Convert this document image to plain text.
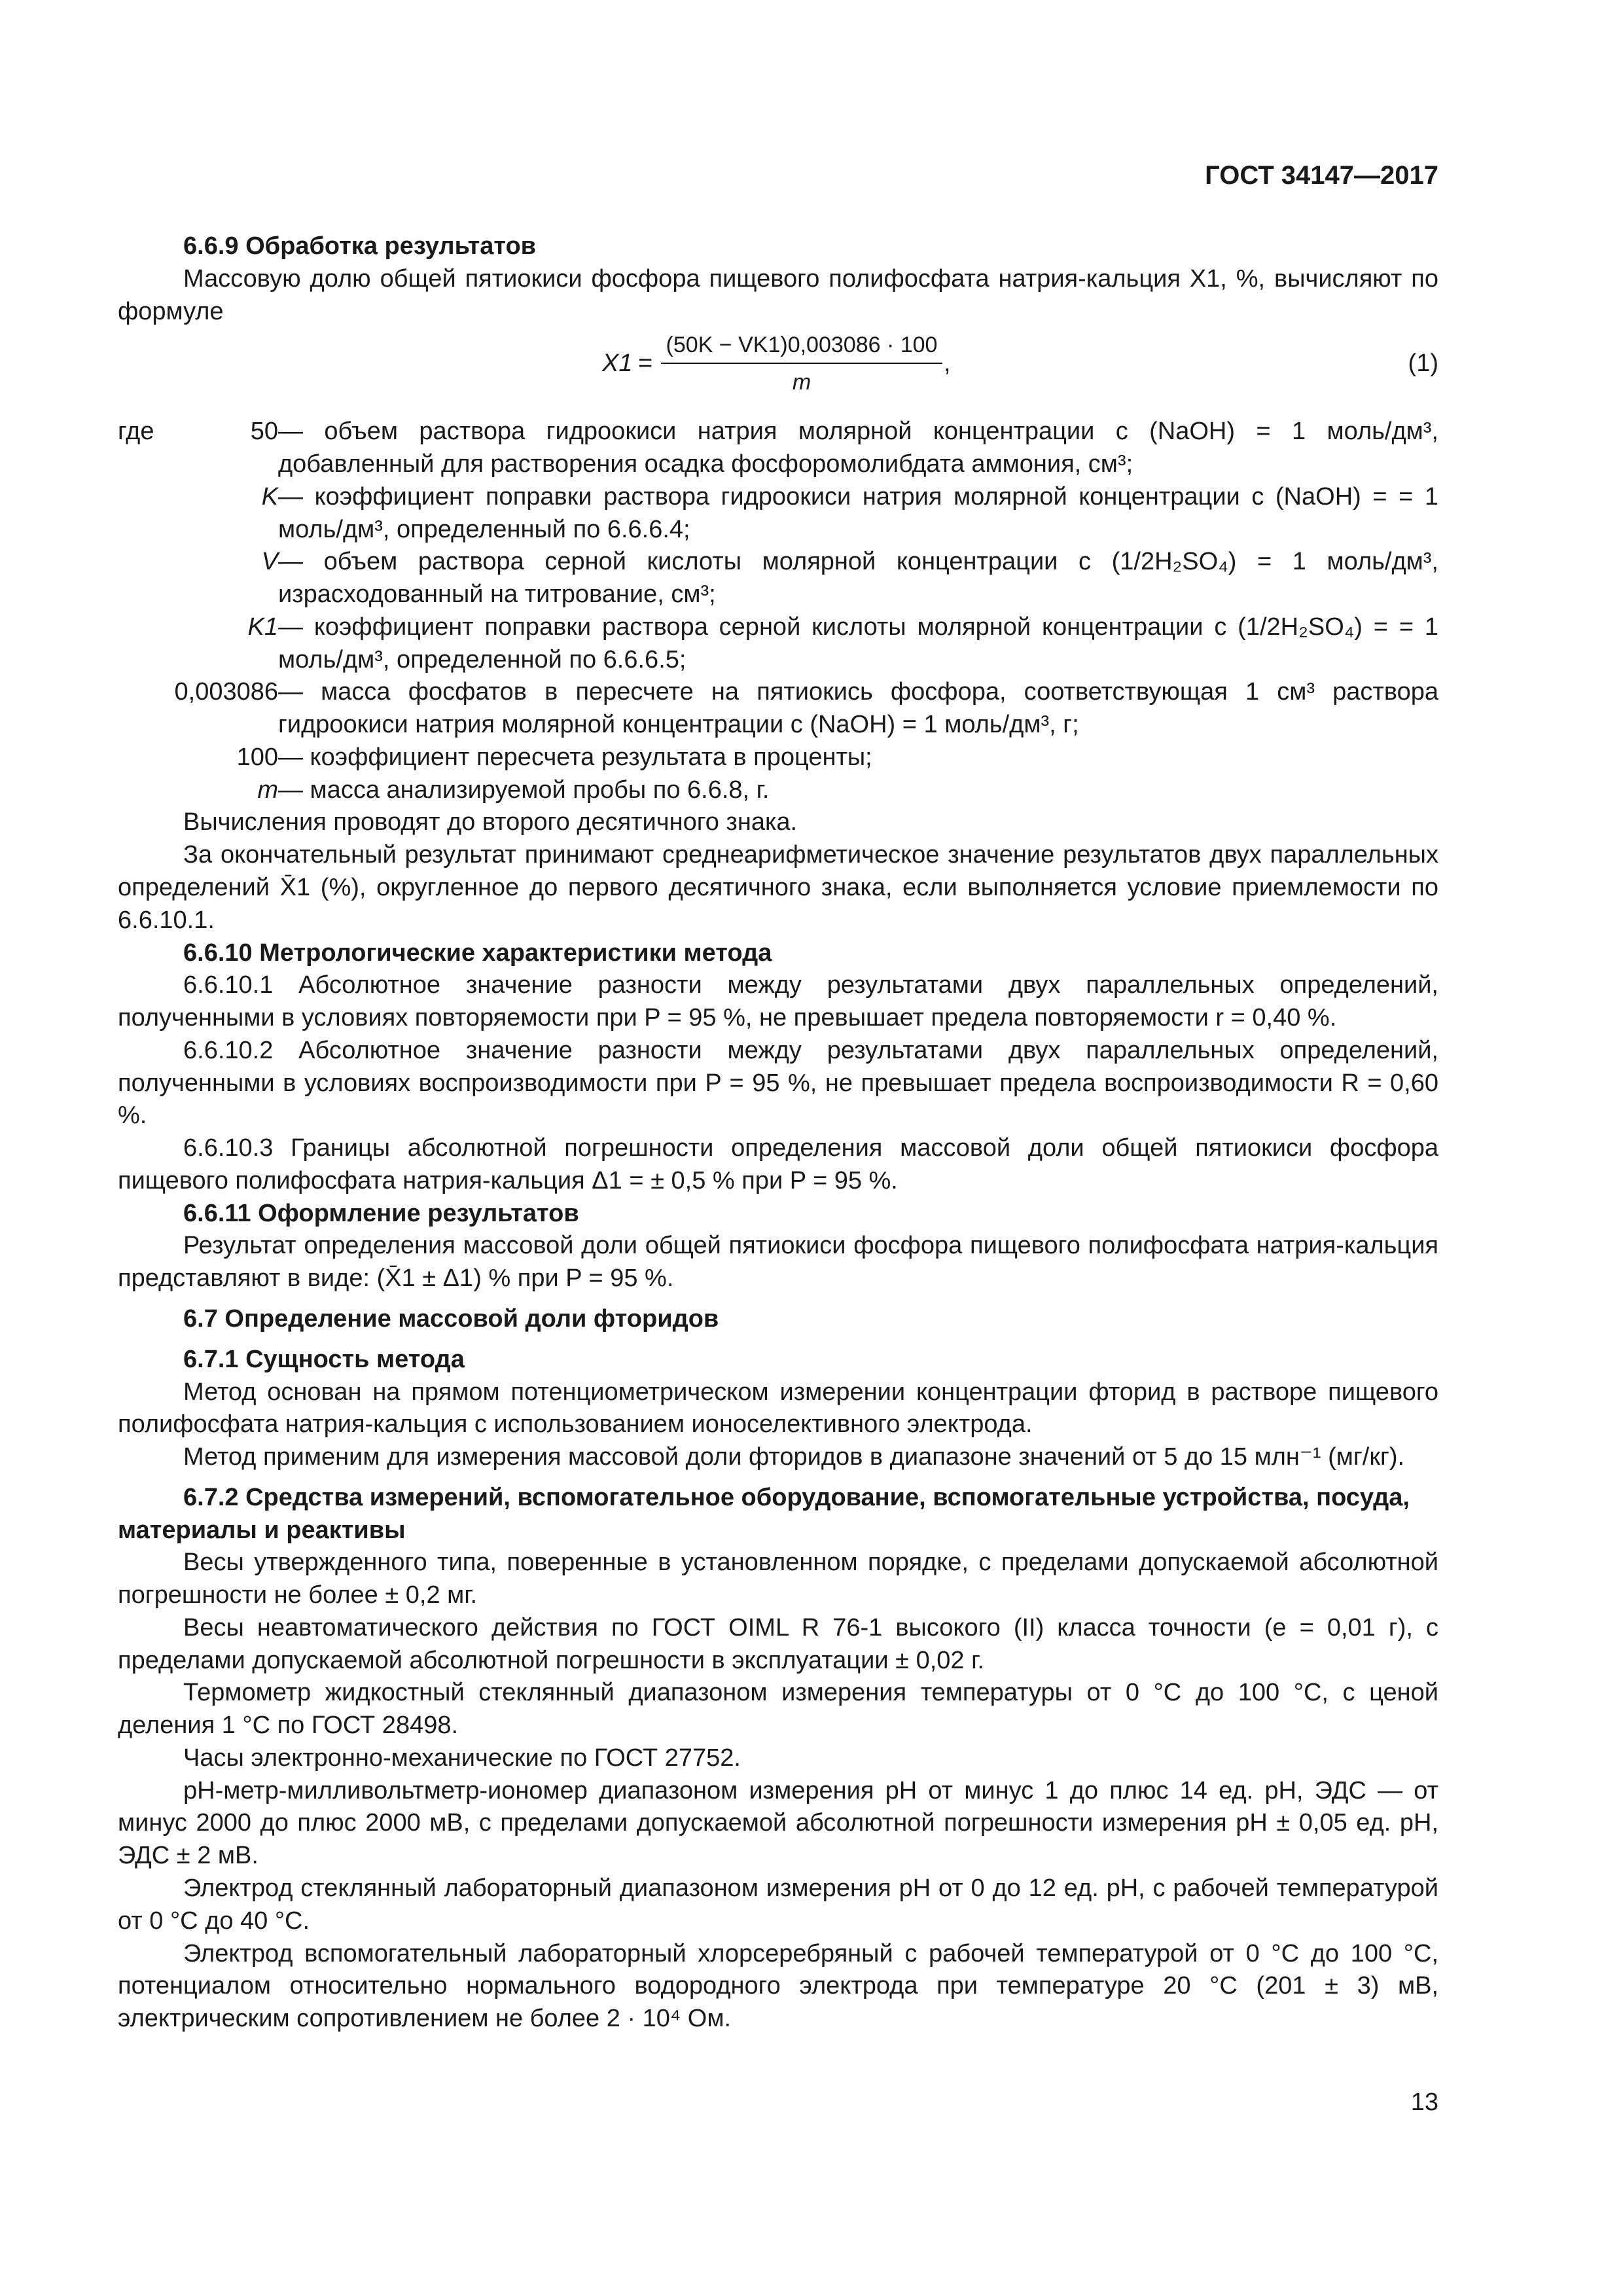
ГОСТ 34147—2017

6.6.9 Обработка результатов

Массовую долю общей пятиокиси фосфора пищевого полифосфата натрия-кальция X1, %, вычисляют по формуле

$X1 = \frac{(50K - VK1)0,003086 \cdot 100}{m}$ ,	(1)
где	50 — объем раствора гидроокиси натрия молярной концентрации c (NaOH) = 1 моль/дм³, добавленный для растворения осадка фосфоромолибдата аммония, см³;
K — коэффициент поправки раствора гидроокиси натрия молярной концентрации c (NaOH) = = 1 моль/дм³, определенный по 6.6.6.4;
V — объем раствора серной кислоты молярной концентрации c (1/2H₂SO₄) = 1 моль/дм³, израсходованный на титрование, см³;
K1 — коэффициент поправки раствора серной кислоты молярной концентрации c (1/2H₂SO₄) = = 1 моль/дм³, определенной по 6.6.6.5;
0,003086 — масса фосфатов в пересчете на пятиокись фосфора, соответствующая 1 см³ раствора гидроокиси натрия молярной концентрации c (NaOH) = 1 моль/дм³, г;
100 — коэффициент пересчета результата в проценты;
m — масса анализируемой пробы по 6.6.8, г.

Вычисления проводят до второго десятичного знака.

За окончательный результат принимают среднеарифметическое значение результатов двух параллельных определений X̄1 (%), округленное до первого десятичного знака, если выполняется условие приемлемости по 6.6.10.1.

6.6.10 Метрологические характеристики метода

6.6.10.1 Абсолютное значение разности между результатами двух параллельных определений, полученными в условиях повторяемости при P = 95 %, не превышает предела повторяемости r = 0,40 %.

6.6.10.2 Абсолютное значение разности между результатами двух параллельных определений, полученными в условиях воспроизводимости при P = 95 %, не превышает предела воспроизводимости R = 0,60 %.

6.6.10.3 Границы абсолютной погрешности определения массовой доли общей пятиокиси фосфора пищевого полифосфата натрия-кальция Δ1 = ± 0,5 % при P = 95 %.

6.6.11 Оформление результатов

Результат определения массовой доли общей пятиокиси фосфора пищевого полифосфата натрия-кальция представляют в виде: (X̄1 ± Δ1) % при P = 95 %.

6.7 Определение массовой доли фторидов

6.7.1 Сущность метода

Метод основан на прямом потенциометрическом измерении концентрации фторид в растворе пищевого полифосфата натрия-кальция с использованием ионоселективного электрода.

Метод применим для измерения массовой доли фторидов в диапазоне значений от 5 до 15 млн⁻¹ (мг/кг).

6.7.2 Средства измерений, вспомогательное оборудование, вспомогательные устройства, посуда, материалы и реактивы

Весы утвержденного типа, поверенные в установленном порядке, с пределами допускаемой абсолютной погрешности не более ± 0,2 мг.

Весы неавтоматического действия по ГОСТ OIML R 76-1 высокого (II) класса точности (e = 0,01 г), с пределами допускаемой абсолютной погрешности в эксплуатации ± 0,02 г.

Термометр жидкостный стеклянный диапазоном измерения температуры от 0 °C до 100 °C, с ценой деления 1 °C по ГОСТ 28498.

Часы электронно-механические по ГОСТ 27752.

pH-метр-милливольтметр-иономер диапазоном измерения pH от минус 1 до плюс 14 ед. pH, ЭДС — от минус 2000 до плюс 2000 мВ, с пределами допускаемой абсолютной погрешности измерения pH ± 0,05 ед. pH, ЭДС ± 2 мВ.

Электрод стеклянный лабораторный диапазоном измерения pH от 0 до 12 ед. pH, с рабочей температурой от 0 °C до 40 °C.

Электрод вспомогательный лабораторный хлорсеребряный с рабочей температурой от 0 °C до 100 °C, потенциалом относительно нормального водородного электрода при температуре 20 °C (201 ± 3) мВ, электрическим сопротивлением не более 2 · 10⁴ Ом.

13
